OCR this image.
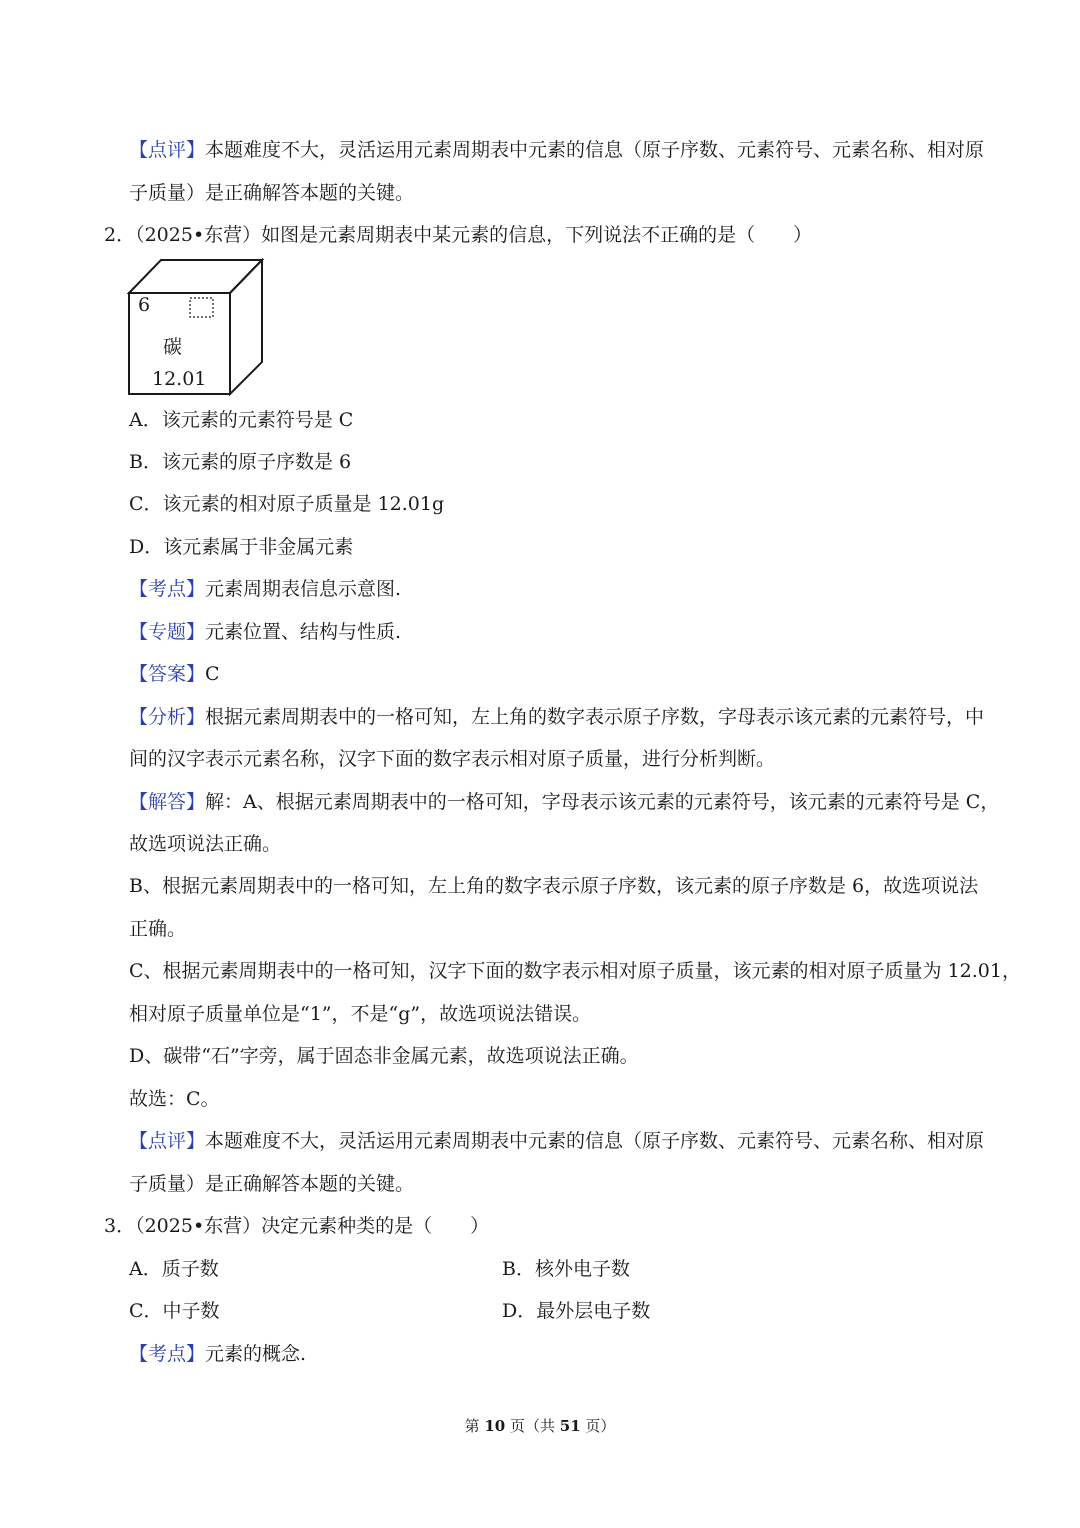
【点评】本题难度不大，灵活运用元素周期表中元素的信息（原子序数、元素符号、元素名称、相对原
子质量）是正确解答本题的关键。
2．（2025•东营）如图是元素周期表中某元素的信息，下列说法不正确的是（　　）
6
碳
12.01
A．该元素的元素符号是 C
B．该元素的原子序数是 6
C．该元素的相对原子质量是 12.01g
D．该元素属于非金属元素
【考点】元素周期表信息示意图.
【专题】元素位置、结构与性质.
【答案】C
【分析】根据元素周期表中的一格可知，左上角的数字表示原子序数，字母表示该元素的元素符号，中
间的汉字表示元素名称，汉字下面的数字表示相对原子质量，进行分析判断。
【解答】解：A、根据元素周期表中的一格可知，字母表示该元素的元素符号，该元素的元素符号是 C，
故选项说法正确。
B、根据元素周期表中的一格可知，左上角的数字表示原子序数，该元素的原子序数是 6，故选项说法
正确。
C、根据元素周期表中的一格可知，汉字下面的数字表示相对原子质量，该元素的相对原子质量为 12.01，
相对原子质量单位是“1”，不是“g”，故选项说法错误。
D、碳带“石”字旁，属于固态非金属元素，故选项说法正确。
故选：C。
【点评】本题难度不大，灵活运用元素周期表中元素的信息（原子序数、元素符号、元素名称、相对原
子质量）是正确解答本题的关键。
3．（2025•东营）决定元素种类的是（　　）
A．质子数	B．核外电子数
C．中子数	D．最外层电子数
【考点】元素的概念.
第 10 页（共 51 页）
